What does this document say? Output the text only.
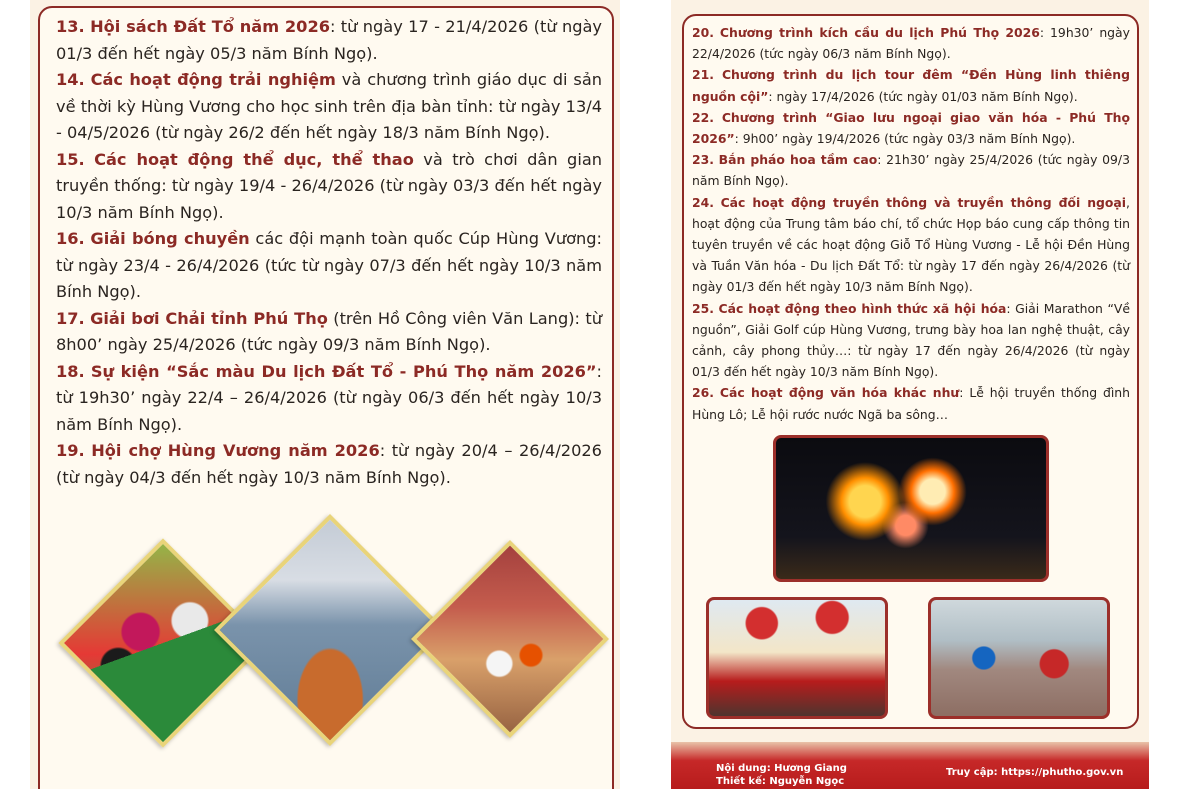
13. Hội sách Đất Tổ năm 2026: từ ngày 17 - 21/4/2026 (từ ngày 01/3 đến hết ngày 05/3 năm Bính Ngọ).

14. Các hoạt động trải nghiệm và chương trình giáo dục di sản về thời kỳ Hùng Vương cho học sinh trên địa bàn tỉnh: từ ngày 13/4 - 04/5/2026 (từ ngày 26/2 đến hết ngày 18/3 năm Bính Ngọ).

15. Các hoạt động thể dục, thể thao và trò chơi dân gian truyền thống: từ ngày 19/4 - 26/4/2026 (từ ngày 03/3 đến hết ngày 10/3 năm Bính Ngọ).

16. Giải bóng chuyền các đội mạnh toàn quốc Cúp Hùng Vương: từ ngày 23/4 - 26/4/2026 (tức từ ngày 07/3 đến hết ngày 10/3 năm Bính Ngọ).

17. Giải bơi Chải tỉnh Phú Thọ (trên Hồ Công viên Văn Lang): từ 8h00’ ngày 25/4/2026 (tức ngày 09/3 năm Bính Ngọ).

18. Sự kiện “Sắc màu Du lịch Đất Tổ - Phú Thọ năm 2026”: từ 19h30’ ngày 22/4 – 26/4/2026 (từ ngày 06/3 đến hết ngày 10/3 năm Bính Ngọ).

19. Hội chợ Hùng Vương năm 2026: từ ngày 20/4 – 26/4/2026 (từ ngày 04/3 đến hết ngày 10/3 năm Bính Ngọ).

20. Chương trình kích cầu du lịch Phú Thọ 2026: 19h30’ ngày 22/4/2026 (tức ngày 06/3 năm Bính Ngọ).

21. Chương trình du lịch tour đêm “Đền Hùng linh thiêng nguồn cội”: ngày 17/4/2026 (tức ngày 01/03 năm Bính Ngọ).

22. Chương trình “Giao lưu ngoại giao văn hóa - Phú Thọ 2026”: 9h00’ ngày 19/4/2026 (tức ngày 03/3 năm Bính Ngọ).

23. Bắn pháo hoa tầm cao: 21h30’ ngày 25/4/2026 (tức ngày 09/3 năm Bính Ngọ).

24. Các hoạt động truyền thông và truyền thông đối ngoại, hoạt động của Trung tâm báo chí, tổ chức Họp báo cung cấp thông tin tuyên truyền về các hoạt động Giỗ Tổ Hùng Vương - Lễ hội Đền Hùng và Tuần Văn hóa - Du lịch Đất Tổ: từ ngày 17 đến ngày 26/4/2026 (từ ngày 01/3 đến hết ngày 10/3 năm Bính Ngọ).

25. Các hoạt động theo hình thức xã hội hóa: Giải Marathon “Về nguồn”, Giải Golf cúp Hùng Vương, trưng bày hoa lan nghệ thuật, cây cảnh, cây phong thủy…: từ ngày 17 đến ngày 26/4/2026 (từ ngày 01/3 đến hết ngày 10/3 năm Bính Ngọ).

26. Các hoạt động văn hóa khác như: Lễ hội truyền thống đình Hùng Lô; Lễ hội rước nước Ngã ba sông…

Nội dung: Hương Giang
Thiết kế: Nguyễn Ngọc
Truy cập: https://phutho.gov.vn
